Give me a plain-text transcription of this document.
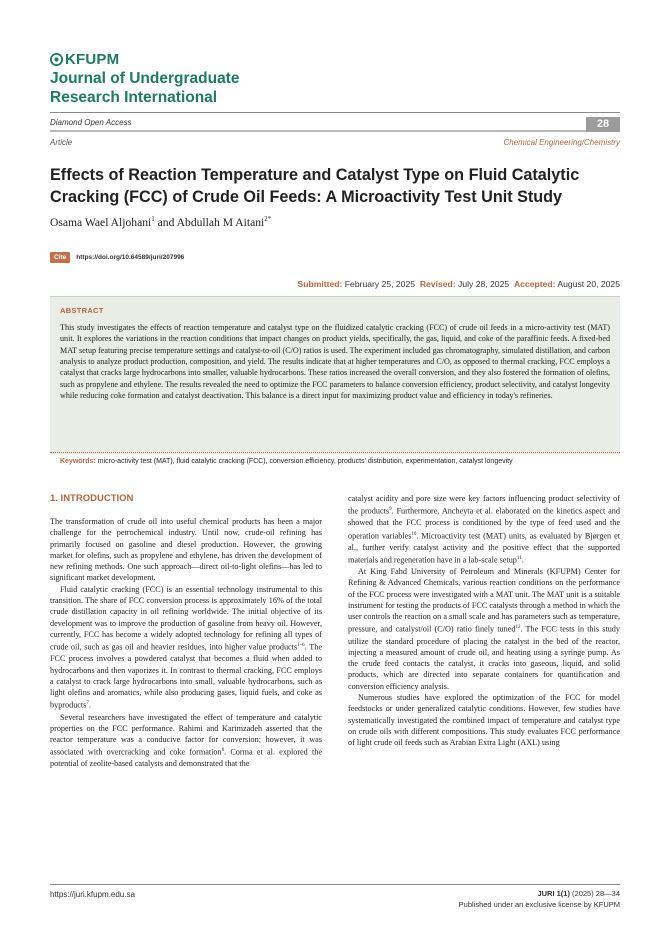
KFUPM
Journal of Undergraduate
Research International
Diamond Open Access	28
Article	Chemical Engineering/Chemistry
Effects of Reaction Temperature and Catalyst Type on Fluid Catalytic Cracking (FCC) of Crude Oil Feeds: A Microactivity Test Unit Study
Osama Wael Aljohani$^1$ and Abdullah M Aitani$^{2*}$
Cite	https://doi.org/10.64589/juri/207996
Submitted: February 25, 2025 Revised: July 28, 2025 Accepted: August 20, 2025
ABSTRACT
This study investigates the effects of reaction temperature and catalyst type on the fluidized catalytic cracking (FCC) of crude oil feeds in a micro-activity test (MAT) unit. It explores the variations in the reaction conditions that impact changes on product yields, specifically, the gas, liquid, and coke of the paraffinic feeds. A fixed-bed MAT setup featuring precise temperature settings and catalyst-to-oil (C/O) ratios is used. The experiment included gas chromatography, simulated distillation, and carbon analysis to analyze product production, composition, and yield. The results indicate that at higher temperatures and C/O, as opposed to thermal cracking, FCC employs a catalyst that cracks large hydrocarbons into smaller, valuable hydrocarbons. These ratios increased the overall conversion, and they also fostered the formation of olefins, such as propylene and ethylene. The results revealed the need to optimize the FCC parameters to balance conversion efficiency, product selectivity, and catalyst longevity while reducing coke formation and catalyst deactivation. This balance is a direct input for maximizing product value and efficiency in today's refineries.
Keywords: micro-activity test (MAT), fluid catalytic cracking (FCC), conversion efficiency, products' distribution, experimentation, catalyst longevity
1. INTRODUCTION

The transformation of crude oil into useful chemical products has been a major challenge for the petrochemical industry. Until now, crude-oil refining has primarily focused on gasoline and diesel production. However, the growing market for olefins, such as propylene and ethylene, has driven the development of new refining methods. One such approach—direct oil-to-light olefins—has led to significant market development.

Fluid catalytic cracking (FCC) is an essential technology instrumental to this transition. The share of FCC conversion process is approximately 16% of the total crude distillation capacity in oil refining worldwide. The initial objective of its development was to improve the production of gasoline from heavy oil. However, currently, FCC has become a widely adopted technology for refining all types of crude oil, such as gas oil and heavier residues, into higher value products$^{1-6}$. The FCC process involves a powdered catalyst that becomes a fluid when added to hydrocarbons and then vaporizes it. In contrast to thermal cracking, FCC employs a catalyst to crack large hydrocarbons into small, valuable hydrocarbons, such as light olefins and aromatics, while also producing gases, liquid fuels, and coke as byproducts$^7$.

Several researchers have investigated the effect of temperature and catalytic properties on the FCC performance. Rahimi and Karimzadeh asserted that the reactor temperature was a conducive factor for conversion; however, it was associated with overcracking and coke formation$^8$. Corma et al. explored the potential of zeolite-based catalysts and demonstrated that the

catalyst acidity and pore size were key factors influencing product selectivity of the products$^9$. Furthermore, Ancheyta et al. elaborated on the kinetics aspect and showed that the FCC process is conditioned by the type of feed used and the operation variables$^{10}$. Microactivity test (MAT) units, as evaluated by Bjørgen et al., further verify catalyst activity and the positive effect that the supported materials and regeneration have in a lab-scale setup$^{11}$.

At King Fahd University of Petroleum and Minerals (KFUPM) Center for Refining & Advanced Chemicals, various reaction conditions on the performance of the FCC process were investigated with a MAT unit. The MAT unit is a suitable instrument for testing the products of FCC catalysts through a method in which the user controls the reaction on a small scale and has parameters such as temperature, pressure, and catalyst/oil (C/O) ratio finely tuned$^{12}$. The FCC tests in this study utilize the standard procedure of placing the catalyst in the bed of the reactor, injecting a measured amount of crude oil, and heating using a syringe pump. As the crude feed contacts the catalyst, it cracks into gaseous, liquid, and solid products, which are directed into separate containers for quantification and conversion efficiency analysis.

Numerous studies have explored the optimization of the FCC for model feedstocks or under generalized catalytic conditions. However, few studies have systematically investigated the combined impact of temperature and catalyst type on crude oils with different compositions. This study evaluates FCC performance of light crude oil feeds such as Arabian Extra Light (AXL) using

https://juri.kfupm.edu.sa	JURI 1(1) (2025) 28—34
Published under an exclusive license by KFUPM
